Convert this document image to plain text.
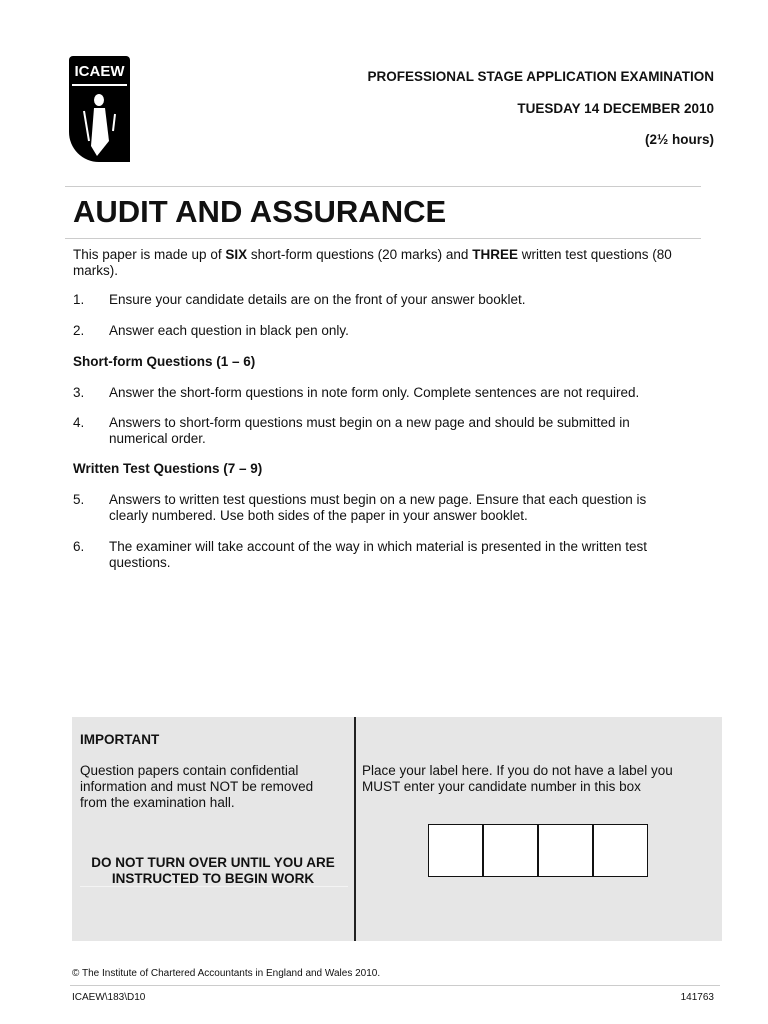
ICAEW	PROFESSIONAL STAGE APPLICATION EXAMINATION
TUESDAY 14 DECEMBER 2010
(2½ hours)
AUDIT AND ASSURANCE
This paper is made up of SIX short-form questions (20 marks) and THREE written test questions (80 marks).
1. Ensure your candidate details are on the front of your answer booklet.
2. Answer each question in black pen only.
Short-form Questions (1 – 6)
3. Answer the short-form questions in note form only. Complete sentences are not required.
4. Answers to short-form questions must begin on a new page and should be submitted in numerical order.
Written Test Questions (7 – 9)
5. Answers to written test questions must begin on a new page. Ensure that each question is clearly numbered. Use both sides of the paper in your answer booklet.
6. The examiner will take account of the way in which material is presented in the written test questions.
IMPORTANT
Question papers contain confidential information and must NOT be removed from the examination hall.
DO NOT TURN OVER UNTIL YOU ARE INSTRUCTED TO BEGIN WORK
Place your label here. If you do not have a label you MUST enter your candidate number in this box
© The Institute of Chartered Accountants in England and Wales 2010.
ICAEW\183\D10	141763
